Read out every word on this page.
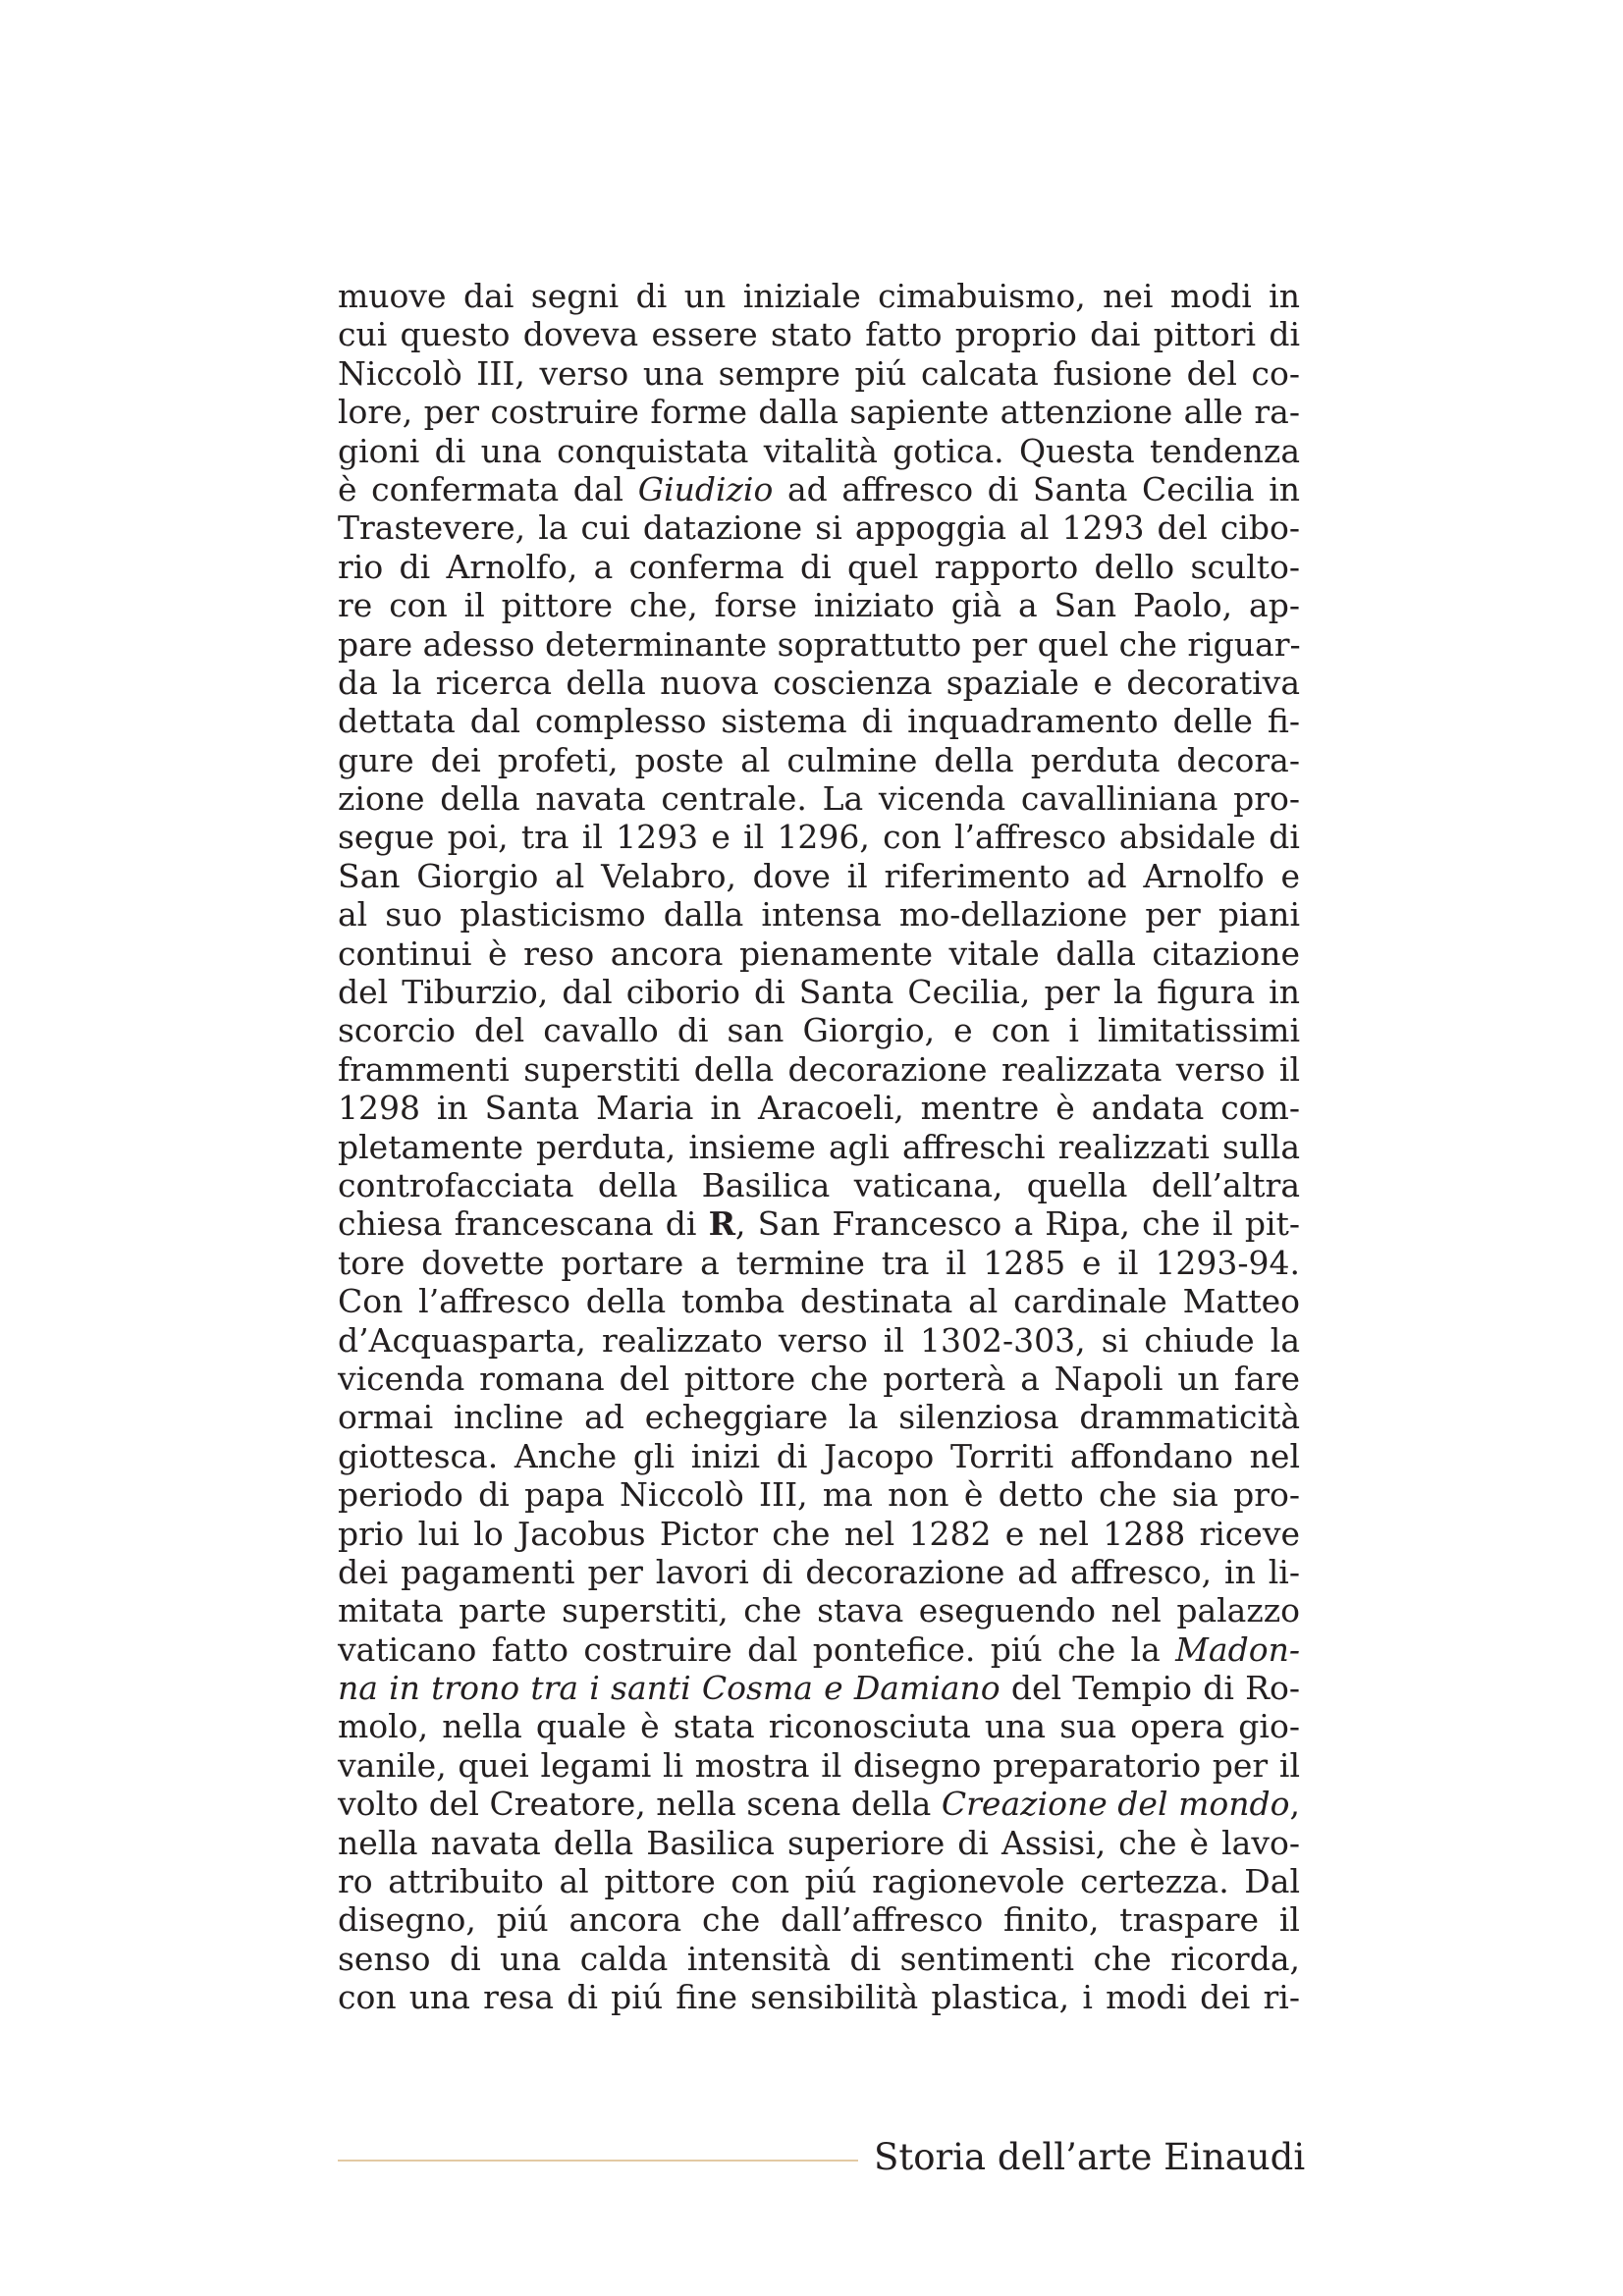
muove dai segni di un iniziale cimabuismo, nei modi in
cui questo doveva essere stato fatto proprio dai pittori di
Niccolò III, verso una sempre piú calcata fusione del co-
lore, per costruire forme dalla sapiente attenzione alle ra-
gioni di una conquistata vitalità gotica. Questa tendenza
è confermata dal Giudizio ad affresco di Santa Cecilia in
Trastevere, la cui datazione si appoggia al 1293 del cibo-
rio di Arnolfo, a conferma di quel rapporto dello sculto-
re con il pittore che, forse iniziato già a San Paolo, ap-
pare adesso determinante soprattutto per quel che riguar-
da la ricerca della nuova coscienza spaziale e decorativa
dettata dal complesso sistema di inquadramento delle fi-
gure dei profeti, poste al culmine della perduta decora-
zione della navata centrale. La vicenda cavalliniana pro-
segue poi, tra il 1293 e il 1296, con l’affresco absidale di
San Giorgio al Velabro, dove il riferimento ad Arnolfo e
al suo plasticismo dalla intensa mo-dellazione per piani
continui è reso ancora pienamente vitale dalla citazione
del Tiburzio, dal ciborio di Santa Cecilia, per la figura in
scorcio del cavallo di san Giorgio, e con i limitatissimi
frammenti superstiti della decorazione realizzata verso il
1298 in Santa Maria in Aracoeli, mentre è andata com-
pletamente perduta, insieme agli affreschi realizzati sulla
controfacciata della Basilica vaticana, quella dell’altra
chiesa francescana di R, San Francesco a Ripa, che il pit-
tore dovette portare a termine tra il 1285 e il 1293-94.
Con l’affresco della tomba destinata al cardinale Matteo
d’Acquasparta, realizzato verso il 1302-303, si chiude la
vicenda romana del pittore che porterà a Napoli un fare
ormai incline ad echeggiare la silenziosa drammaticità
giottesca. Anche gli inizi di Jacopo Torriti affondano nel
periodo di papa Niccolò III, ma non è detto che sia pro-
prio lui lo Jacobus Pictor che nel 1282 e nel 1288 riceve
dei pagamenti per lavori di decorazione ad affresco, in li-
mitata parte superstiti, che stava eseguendo nel palazzo
vaticano fatto costruire dal pontefice. piú che la Madon-
na in trono tra i santi Cosma e Damiano del Tempio di Ro-
molo, nella quale è stata riconosciuta una sua opera gio-
vanile, quei legami li mostra il disegno preparatorio per il
volto del Creatore, nella scena della Creazione del mondo,
nella navata della Basilica superiore di Assisi, che è lavo-
ro attribuito al pittore con piú ragionevole certezza. Dal
disegno, piú ancora che dall’affresco finito, traspare il
senso di una calda intensità di sentimenti che ricorda,
con una resa di piú fine sensibilità plastica, i modi dei ri-
Storia dell’arte Einaudi
